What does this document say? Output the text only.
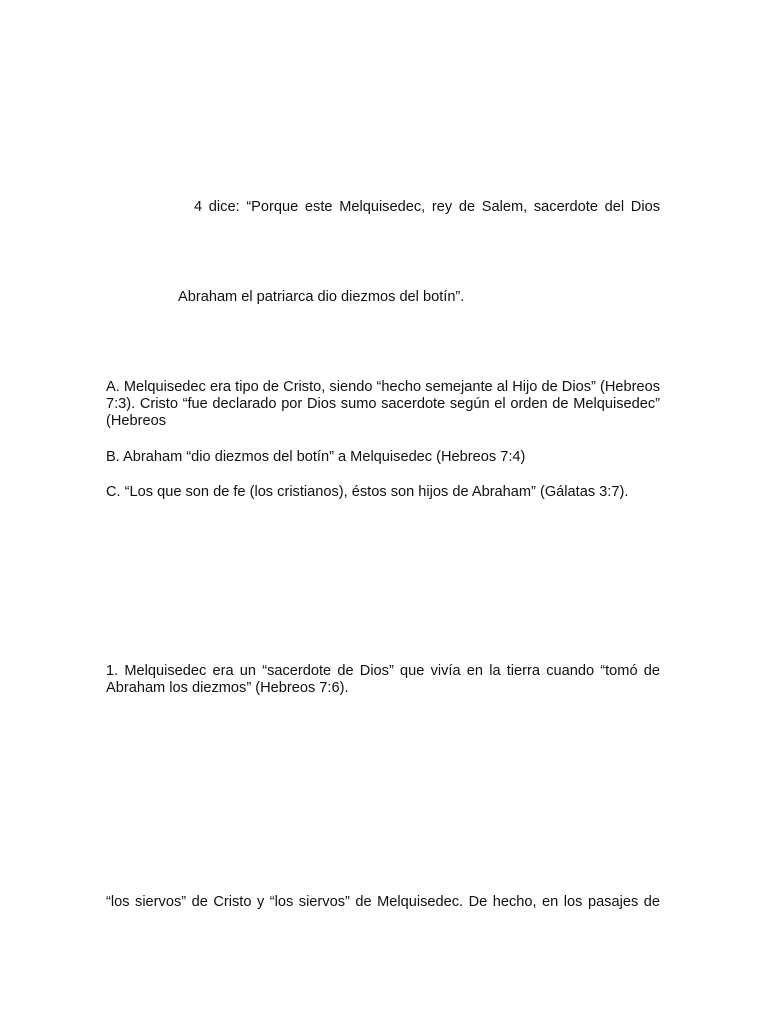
4 dice: “Porque este Melquisedec, rey de Salem, sacerdote del Dios
Abraham el patriarca dio diezmos del botín”.
A. Melquisedec era tipo de Cristo, siendo “hecho semejante al Hijo de Dios” (Hebreos 7:3). Cristo “fue declarado por Dios sumo sacerdote según el orden de Melquisedec” (Hebreos
B. Abraham “dio diezmos del botín” a Melquisedec (Hebreos 7:4)
C. “Los que son de fe (los cristianos), éstos son hijos de Abraham” (Gálatas 3:7).
1. Melquisedec era un “sacerdote de Dios” que vivía en la tierra cuando “tomó de Abraham los diezmos” (Hebreos 7:6).
“los siervos” de Cristo y “los siervos” de Melquisedec. De hecho, en los pasajes de
